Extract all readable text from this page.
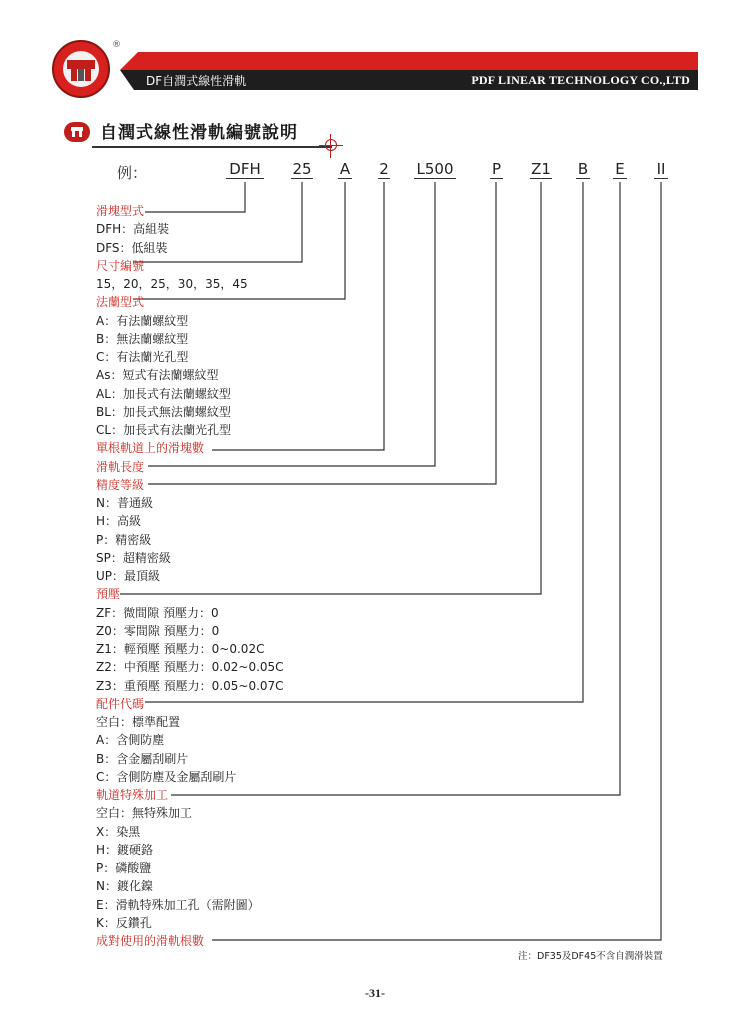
®
DF自潤式線性滑軌	PDF LINEAR TECHNOLOGY CO.,LTD
自潤式線性滑軌編號說明
例：	DFH 25 A 2 L500	P Z1 B E II
滑塊型式
DFH：高組裝
DFS：低組裝
尺寸編號
15，20，25，30，35，45
法蘭型式
A：有法蘭螺紋型
B：無法蘭螺紋型
C：有法蘭光孔型
As：短式有法蘭螺紋型
AL：加長式有法蘭螺紋型
BL：加長式無法蘭螺紋型
CL：加長式有法蘭光孔型
單根軌道上的滑塊數
滑軌長度
精度等級
N：普通級
H：高級
P：精密級
SP：超精密級
UP：最頂級
預壓
ZF：微間隙 預壓力：0
Z0：零間隙 預壓力：0
Z1：輕預壓 預壓力：0~0.02C
Z2：中預壓 預壓力：0.02~0.05C
Z3：重預壓 預壓力：0.05~0.07C
配件代碼
空白：標準配置
A：含側防塵
B：含金屬刮刷片
C：含側防塵及金屬刮刷片
軌道特殊加工
空白：無特殊加工
X：染黑
H：鍍硬鉻
P：磷酸鹽
N：鍍化鎳
E：滑軌特殊加工孔（需附圖）
K：反鑽孔
成對使用的滑軌根數
注：DF35及DF45不含自潤滑裝置
-31-
